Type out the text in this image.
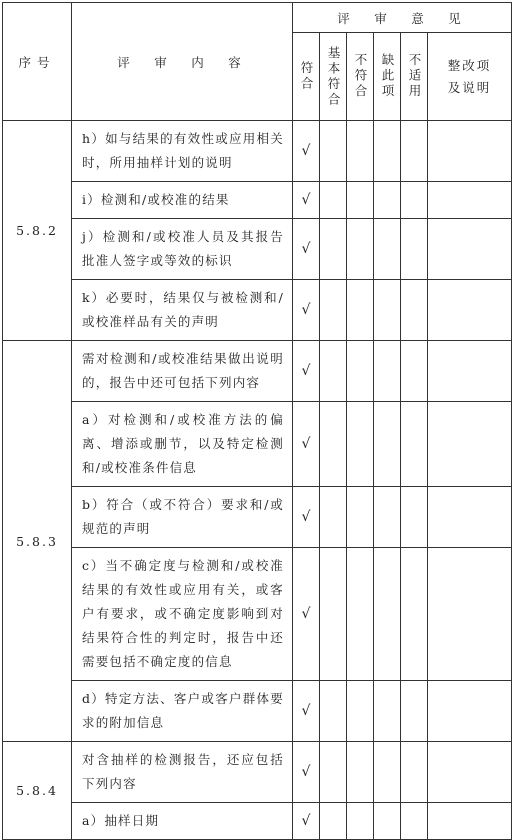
序号	评　审　内　容	评　审　意　见					

		符合	基本符合	不符合	缺此项	不适用	整改项
及说明

5.8.2	h）如与结果的有效性或应用相关时，所用抽样计划的说明	√					
	i）检测和/或校准的结果	√					
	j）检测和/或校准人员及其报告批准人签字或等效的标识	√					
	k）必要时，结果仅与被检测和/或校准样品有关的声明	√					
5.8.3	需对检测和/或校准结果做出说明的，报告中还可包括下列内容	√					
	a）对检测和/或校准方法的偏离、增添或删节，以及特定检测和/或校准条件信息	√					
	b）符合（或不符合）要求和/或规范的声明	√					
	c）当不确定度与检测和/或校准结果的有效性或应用有关，或客户有要求，或不确定度影响到对结果符合性的判定时，报告中还需要包括不确定度的信息	√					
	d）特定方法、客户或客户群体要求的附加信息	√					
5.8.4	对含抽样的检测报告，还应包括下列内容	√					
	a）抽样日期	√					
